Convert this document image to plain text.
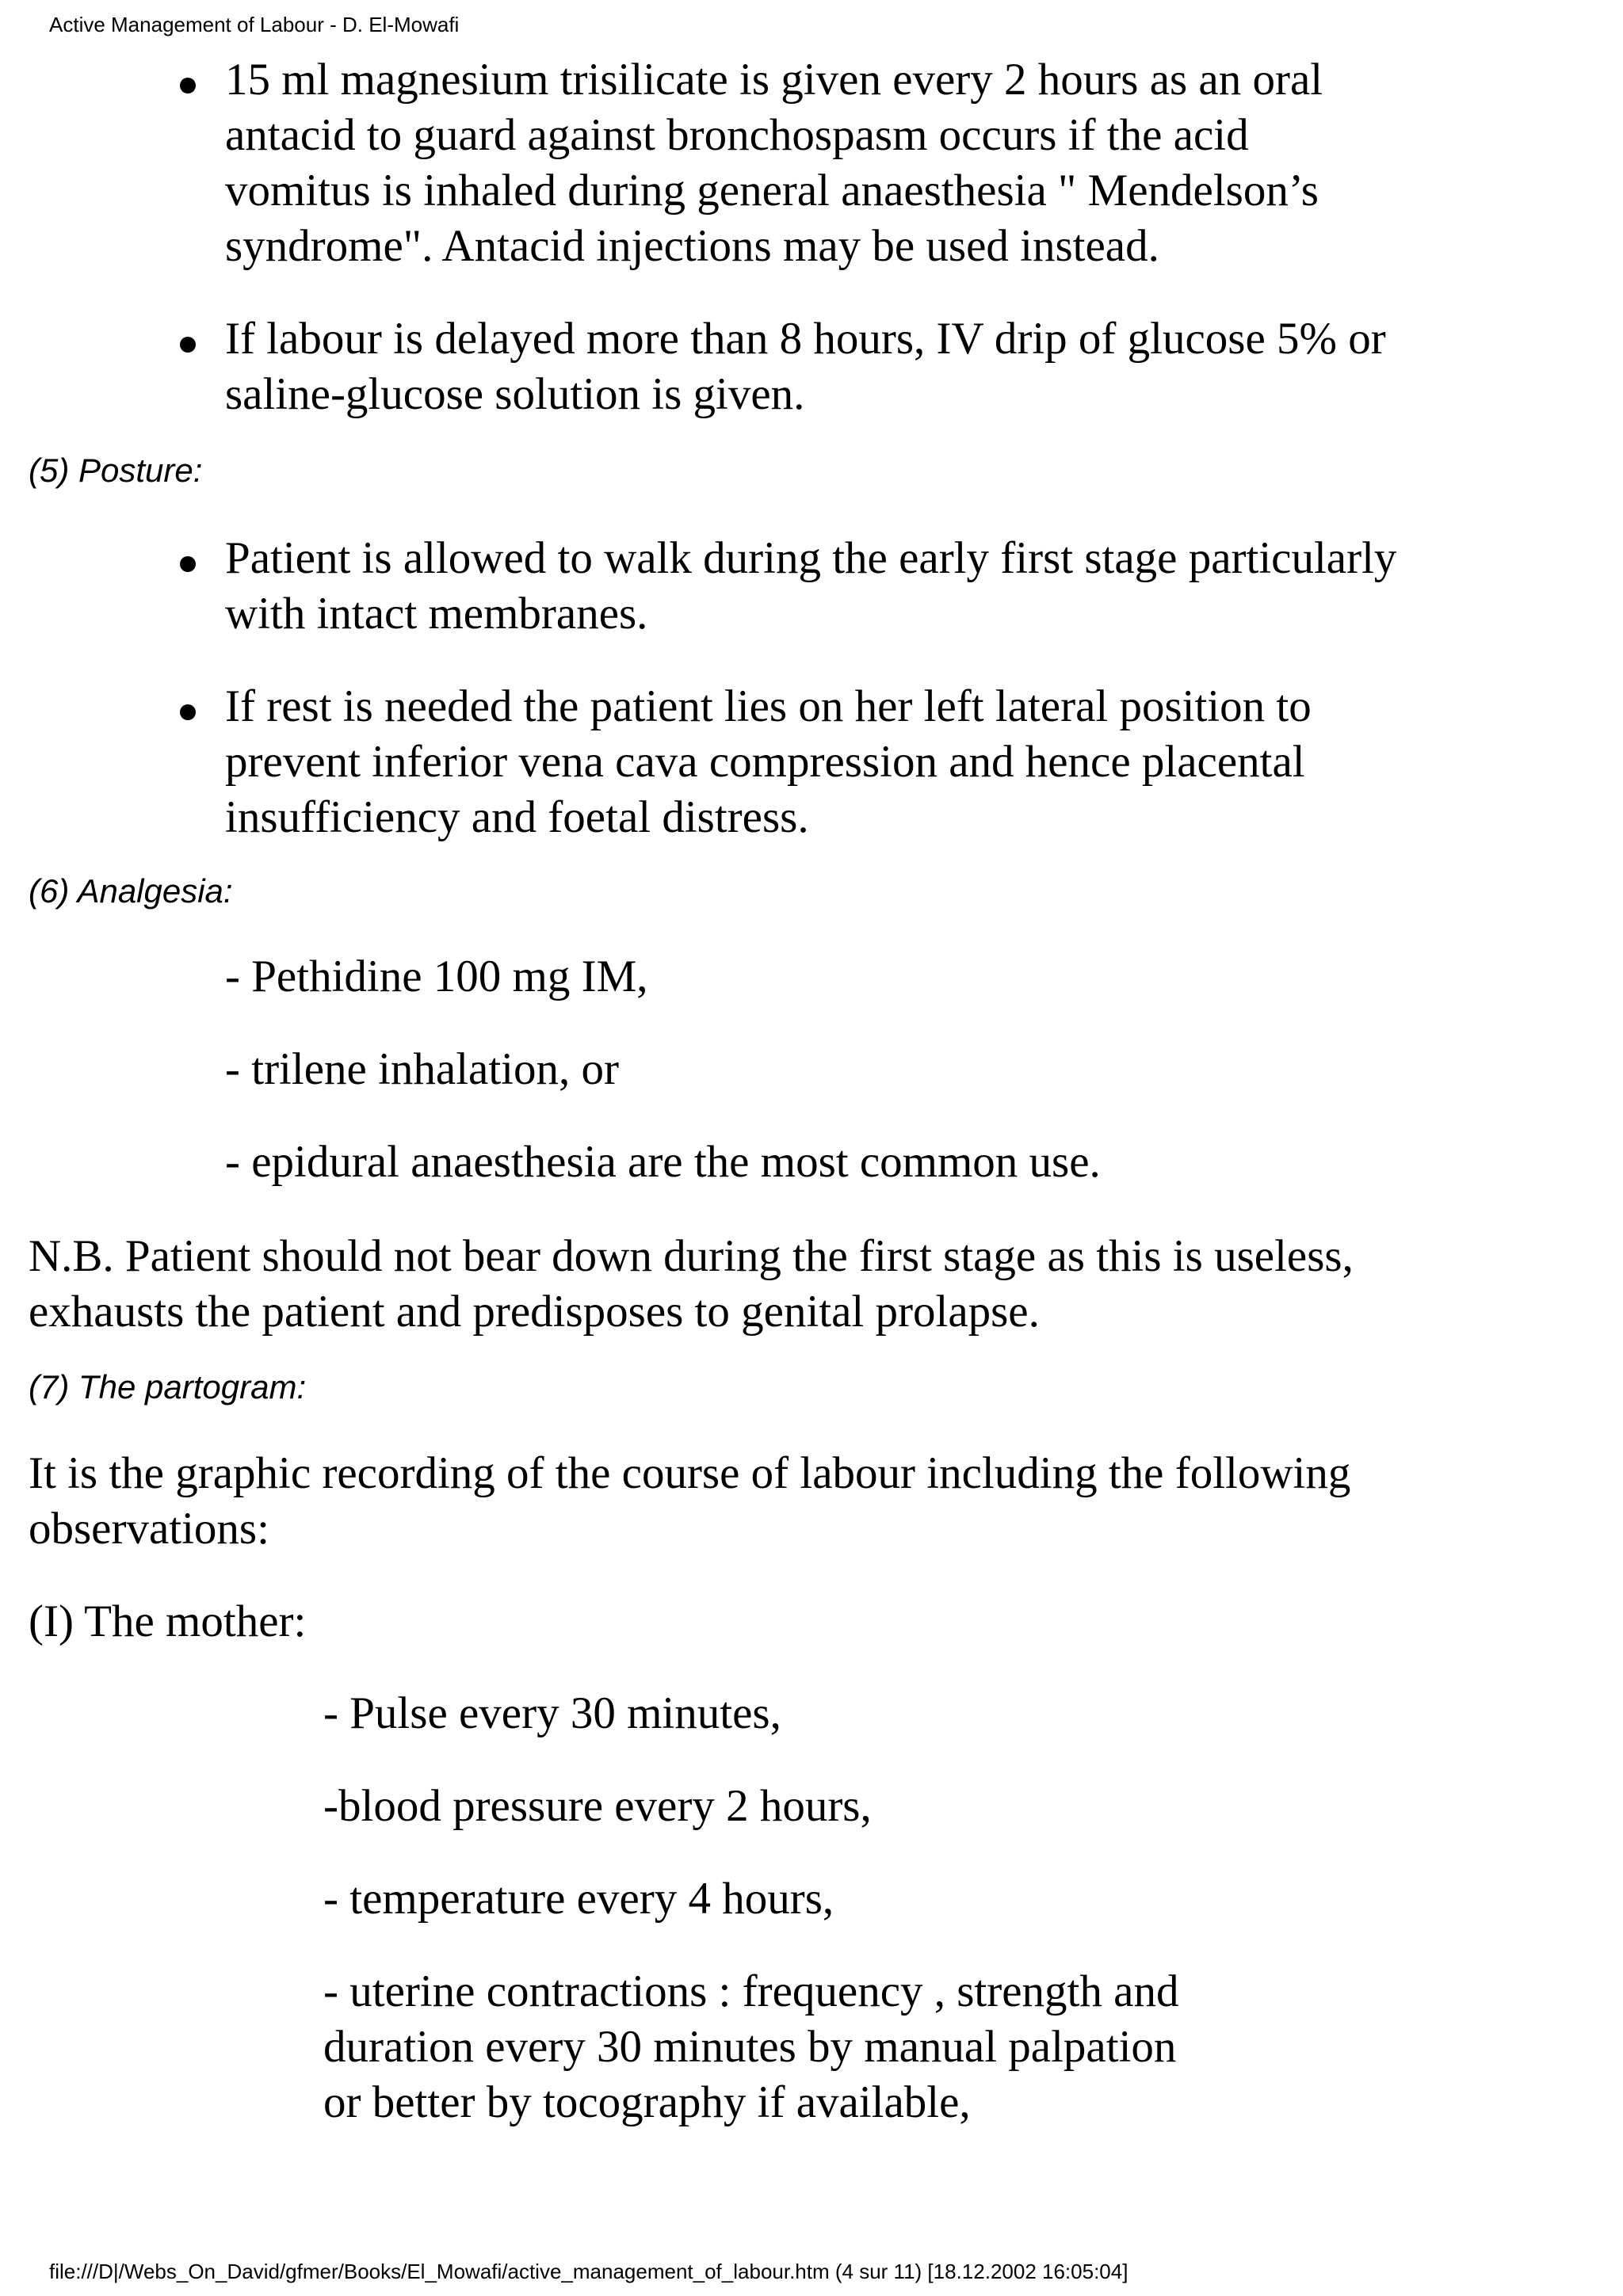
Active Management of Labour - D. El-Mowafi
15 ml magnesium trisilicate is given every 2 hours as an oral
antacid to guard against bronchospasm occurs if the acid
vomitus is inhaled during general anaesthesia " Mendelson’s
syndrome". Antacid injections may be used instead.
If labour is delayed more than 8 hours, IV drip of glucose 5% or
saline-glucose solution is given.
(5) Posture:
Patient is allowed to walk during the early first stage particularly
with intact membranes.
If rest is needed the patient lies on her left lateral position to
prevent inferior vena cava compression and hence placental
insufficiency and foetal distress.
(6) Analgesia:
- Pethidine 100 mg IM,
- trilene inhalation, or
- epidural anaesthesia are the most common use.
N.B. Patient should not bear down during the first stage as this is useless,
exhausts the patient and predisposes to genital prolapse.
(7) The partogram:
It is the graphic recording of the course of labour including the following
observations:
(I) The mother:
- Pulse every 30 minutes,
-blood pressure every 2 hours,
- temperature every 4 hours,
- uterine contractions : frequency , strength and
duration every 30 minutes by manual palpation
or better by tocography if available,
file:///D|/Webs_On_David/gfmer/Books/El_Mowafi/active_management_of_labour.htm (4 sur 11) [18.12.2002 16:05:04]
